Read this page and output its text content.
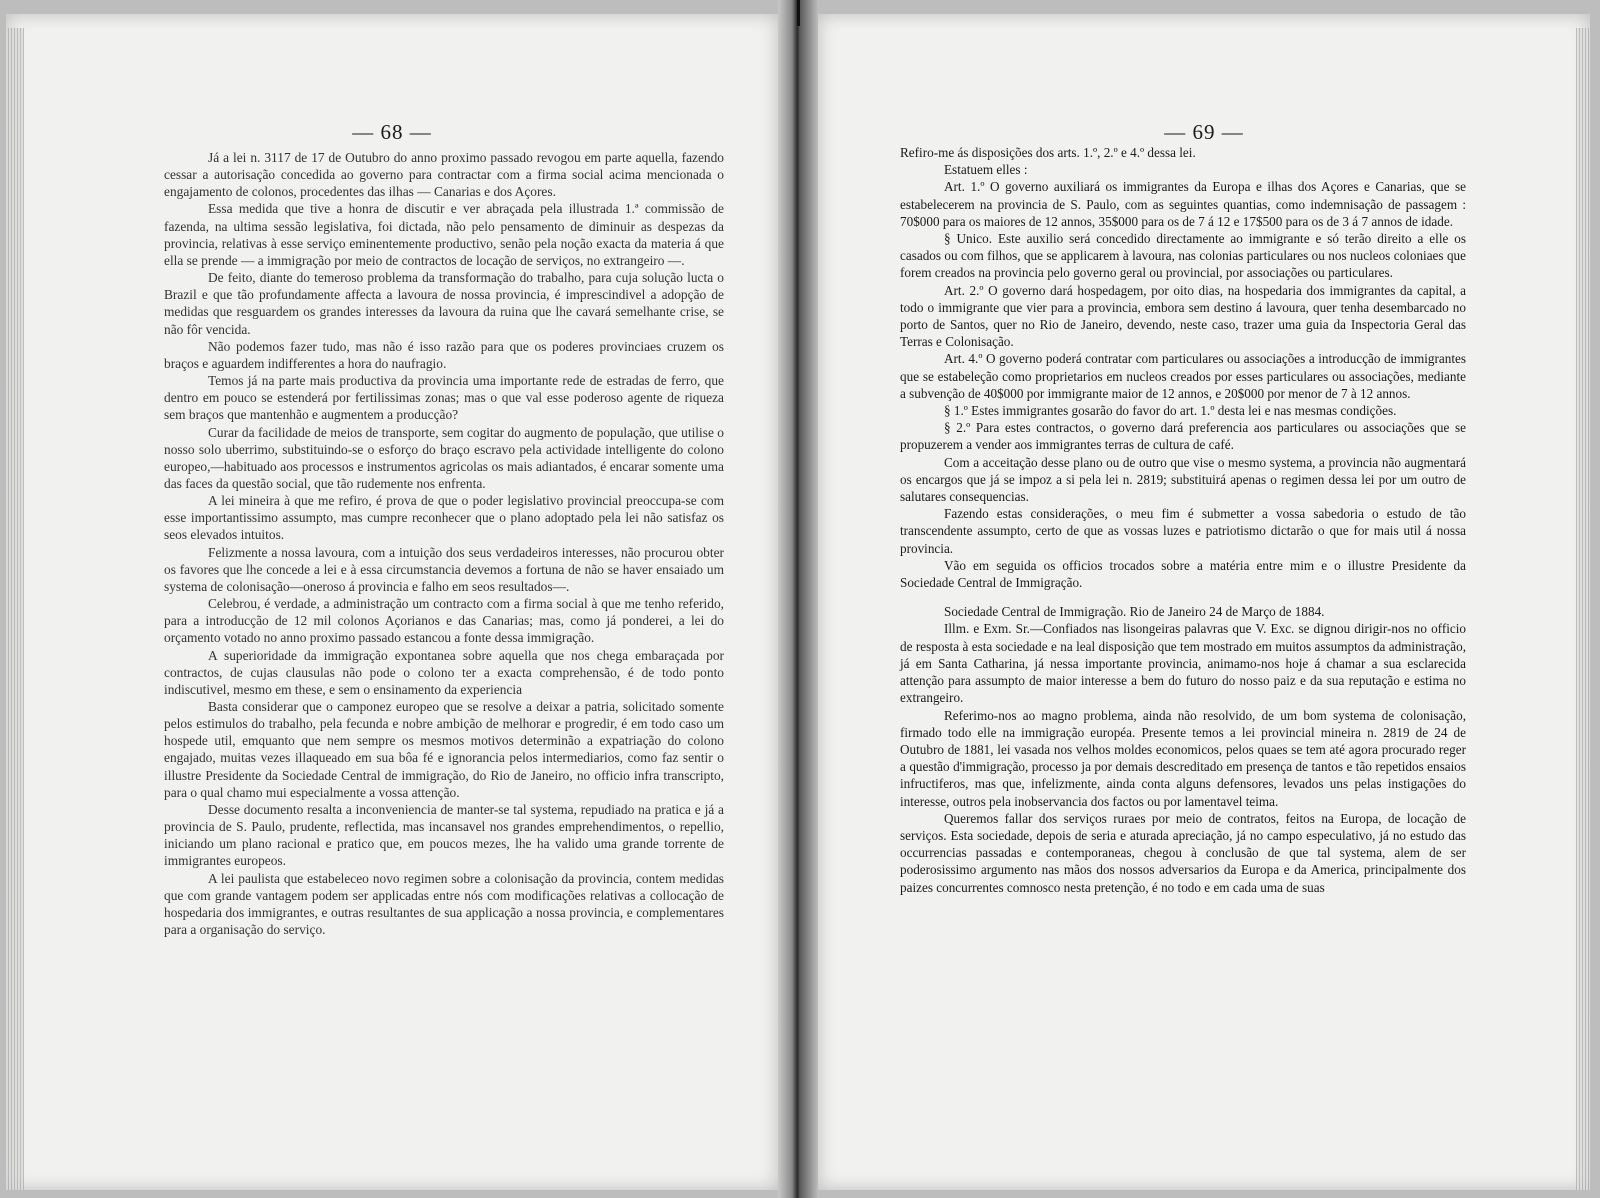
— 68 —

Já a lei n. 3117 de 17 de Outubro do anno proximo passado revogou em parte aquella, fazendo cessar a autorisação concedida ao governo para contractar com a firma social acima mencionada o engajamento de colonos, procedentes das ilhas — Canarias e dos Açores.

Essa medida que tive a honra de discutir e ver abraçada pela illustrada 1.ª commissão de fazenda, na ultima sessão legislativa, foi dictada, não pelo pensamento de diminuir as despezas da provincia, relativas à esse serviço eminentemente productivo, senão pela noção exacta da materia á que ella se prende — a immigração por meio de contractos de locação de serviços, no extrangeiro —.

De feito, diante do temeroso problema da transformação do trabalho, para cuja solução lucta o Brazil e que tão profundamente affecta a lavoura de nossa provincia, é imprescindivel a adopção de medidas que resguardem os grandes interesses da lavoura da ruina que lhe cavará semelhante crise, se não fôr vencida.

Não podemos fazer tudo, mas não é isso razão para que os poderes provinciaes cruzem os braços e aguardem indifferentes a hora do naufragio.

Temos já na parte mais productiva da provincia uma importante rede de estradas de ferro, que dentro em pouco se estenderá por fertilissimas zonas; mas o que val esse poderoso agente de riqueza sem braços que mantenhão e augmentem a producção?

Curar da facilidade de meios de transporte, sem cogitar do augmento de população, que utilise o nosso solo uberrimo, substituindo-se o esforço do braço escravo pela actividade intelligente do colono europeo,—habituado aos processos e instrumentos agricolas os mais adiantados, é encarar somente uma das faces da questão social, que tão rudemente nos enfrenta.

A lei mineira à que me refiro, é prova de que o poder legislativo provincial preoccupa-se com esse importantissimo assumpto, mas cumpre reconhecer que o plano adoptado pela lei não satisfaz os seos elevados intuitos.

Felizmente a nossa lavoura, com a intuição dos seus verdadeiros interesses, não procurou obter os favores que lhe concede a lei e à essa circumstancia devemos a fortuna de não se haver ensaiado um systema de colonisação—oneroso á provincia e falho em seos resultados—.

Celebrou, é verdade, a administração um contracto com a firma social à que me tenho referido, para a introducção de 12 mil colonos Açorianos e das Canarias; mas, como já ponderei, a lei do orçamento votado no anno proximo passado estancou a fonte dessa immigração.

A superioridade da immigração expontanea sobre aquella que nos chega embaraçada por contractos, de cujas clausulas não pode o colono ter a exacta comprehensão, é de todo ponto indiscutivel, mesmo em these, e sem o ensinamento da experiencia

Basta considerar que o camponez europeo que se resolve a deixar a patria, solicitado somente pelos estimulos do trabalho, pela fecunda e nobre ambição de melhorar e progredir, é em todo caso um hospede util, emquanto que nem sempre os mesmos motivos determinão a expatriação do colono engajado, muitas vezes illaqueado em sua bôa fé e ignorancia pelos intermediarios, como faz sentir o illustre Presidente da Sociedade Central de immigração, do Rio de Janeiro, no officio infra transcripto, para o qual chamo mui especialmente a vossa attenção.

Desse documento resalta a inconveniencia de manter-se tal systema, repudiado na pratica e já a provincia de S. Paulo, prudente, reflectida, mas incansavel nos grandes emprehendimentos, o repellio, iniciando um plano racional e pratico que, em poucos mezes, lhe ha valido uma grande torrente de immigrantes europeos.

A lei paulista que estabeleceo novo regimen sobre a colonisação da provincia, contem medidas que com grande vantagem podem ser applicadas entre nós com modificações relativas a collocação de hospedaria dos immigrantes, e outras resultantes de sua applicação a nossa provincia, e complementares para a organisação do serviço.

— 69 —

Refiro-me ás disposições dos arts. 1.º, 2.º e 4.º dessa lei.

Estatuem elles :

Art. 1.º O governo auxiliará os immigrantes da Europa e ilhas dos Açores e Canarias, que se estabelecerem na provincia de S. Paulo, com as seguintes quantias, como indemnisação de passagem : 70$000 para os maiores de 12 annos, 35$000 para os de 7 á 12 e 17$500 para os de 3 á 7 annos de idade.

§ Unico. Este auxilio será concedido directamente ao immigrante e só terão direito a elle os casados ou com filhos, que se applicarem à lavoura, nas colonias particulares ou nos nucleos coloniaes que forem creados na provincia pelo governo geral ou provincial, por associações ou particulares.

Art. 2.º O governo dará hospedagem, por oito dias, na hospedaria dos immigrantes da capital, a todo o immigrante que vier para a provincia, embora sem destino á lavoura, quer tenha desembarcado no porto de Santos, quer no Rio de Janeiro, devendo, neste caso, trazer uma guia da Inspectoria Geral das Terras e Colonisação.

Art. 4.º O governo poderá contratar com particulares ou associações a introducção de immigrantes que se estabeleção como proprietarios em nucleos creados por esses particulares ou associações, mediante a subvenção de 40$000 por immigrante maior de 12 annos, e 20$000 por menor de 7 à 12 annos.

§ 1.º Estes immigrantes gosarão do favor do art. 1.º desta lei e nas mesmas condições.

§ 2.º Para estes contractos, o governo dará preferencia aos particulares ou associações que se propuzerem a vender aos immigrantes terras de cultura de café.

Com a acceitação desse plano ou de outro que vise o mesmo systema, a provincia não augmentará os encargos que já se impoz a si pela lei n. 2819; substituirá apenas o regimen dessa lei por um outro de salutares consequencias.

Fazendo estas considerações, o meu fim é submetter a vossa sabedoria o estudo de tão transcendente assumpto, certo de que as vossas luzes e patriotismo dictarão o que for mais util á nossa provincia.

Vão em seguida os officios trocados sobre a matéria entre mim e o illustre Presidente da Sociedade Central de Immigração.

Sociedade Central de Immigração. Rio de Janeiro 24 de Março de 1884.

Illm. e Exm. Sr.—Confiados nas lisongeiras palavras que V. Exc. se dignou dirigir-nos no officio de resposta à esta sociedade e na leal disposição que tem mostrado em muitos assumptos da administração, já em Santa Catharina, já nessa importante provincia, animamo-nos hoje á chamar a sua esclarecida attenção para assumpto de maior interesse a bem do futuro do nosso paiz e da sua reputação e estima no extrangeiro.

Referimo-nos ao magno problema, ainda não resolvido, de um bom systema de colonisação, firmado todo elle na immigração européa. Presente temos a lei provincial mineira n. 2819 de 24 de Outubro de 1881, lei vasada nos velhos moldes economicos, pelos quaes se tem até agora procurado reger a questão d'immigração, processo ja por demais descreditado em presença de tantos e tão repetidos ensaios infructiferos, mas que, infelizmente, ainda conta alguns defensores, levados uns pelas instigações do interesse, outros pela inobservancia dos factos ou por lamentavel teima.

Queremos fallar dos serviços ruraes por meio de contratos, feitos na Europa, de locação de serviços. Esta sociedade, depois de seria e aturada apreciação, já no campo especulativo, já no estudo das occurrencias passadas e contemporaneas, chegou à conclusão de que tal systema, alem de ser poderosissimo argumento nas mãos dos nossos adversarios da Europa e da America, principalmente dos paizes concurrentes comnosco nesta pretenção, é no todo e em cada uma de suas
